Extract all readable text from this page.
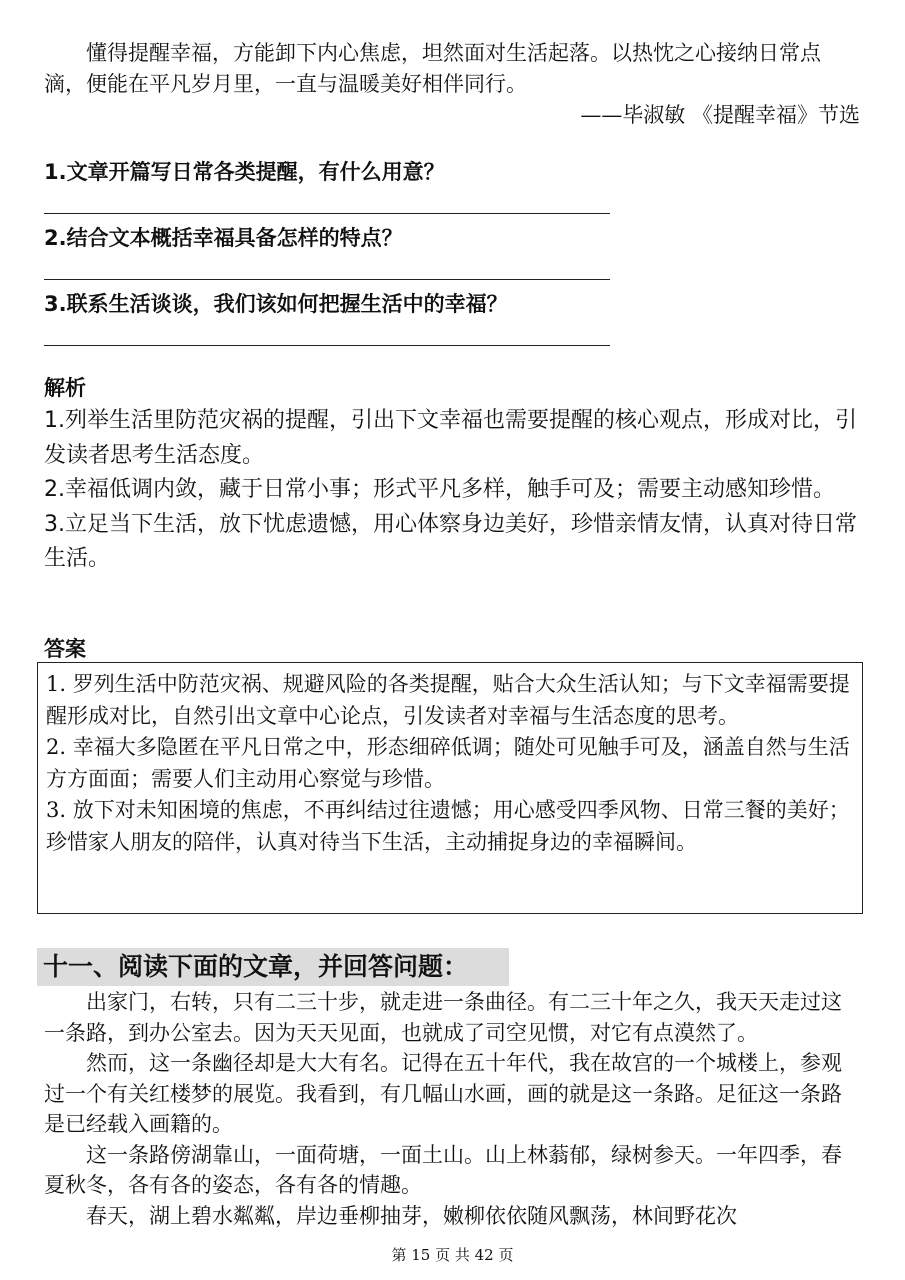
懂得提醒幸福，方能卸下内心焦虑，坦然面对生活起落。以热忱之心接纳日常点滴，便能在平凡岁月里，一直与温暖美好相伴同行。

——毕淑敏 《提醒幸福》节选
1.文章开篇写日常各类提醒，有什么用意？
2.结合文本概括幸福具备怎样的特点？
3.联系生活谈谈，我们该如何把握生活中的幸福？
解析

1.列举生活里防范灾祸的提醒，引出下文幸福也需要提醒的核心观点，形成对比，引发读者思考生活态度。

2.幸福低调内敛，藏于日常小事；形式平凡多样，触手可及；需要主动感知珍惜。

3.立足当下生活，放下忧虑遗憾，用心体察身边美好，珍惜亲情友情，认真对待日常生活。

答案

1. 罗列生活中防范灾祸、规避风险的各类提醒，贴合大众生活认知；与下文幸福需要提醒形成对比，自然引出文章中心论点，引发读者对幸福与生活态度的思考。

2. 幸福大多隐匿在平凡日常之中，形态细碎低调；随处可见触手可及，涵盖自然与生活方方面面；需要人们主动用心察觉与珍惜。

3. 放下对未知困境的焦虑，不再纠结过往遗憾；用心感受四季风物、日常三餐的美好；珍惜家人朋友的陪伴，认真对待当下生活，主动捕捉身边的幸福瞬间。

十一、阅读下面的文章，并回答问题：

出家门，右转，只有二三十步，就走进一条曲径。有二三十年之久，我天天走过这一条路，到办公室去。因为天天见面，也就成了司空见惯，对它有点漠然了。

然而，这一条幽径却是大大有名。记得在五十年代，我在故宫的一个城楼上，参观过一个有关红楼梦的展览。我看到，有几幅山水画，画的就是这一条路。足征这一条路是已经载入画籍的。

这一条路傍湖靠山，一面荷塘，一面土山。山上林蓊郁，绿树参天。一年四季，春夏秋冬，各有各的姿态，各有各的情趣。

春天，湖上碧水粼粼，岸边垂柳抽芽，嫩柳依依随风飘荡，林间野花次

第 15 页 共 42 页
